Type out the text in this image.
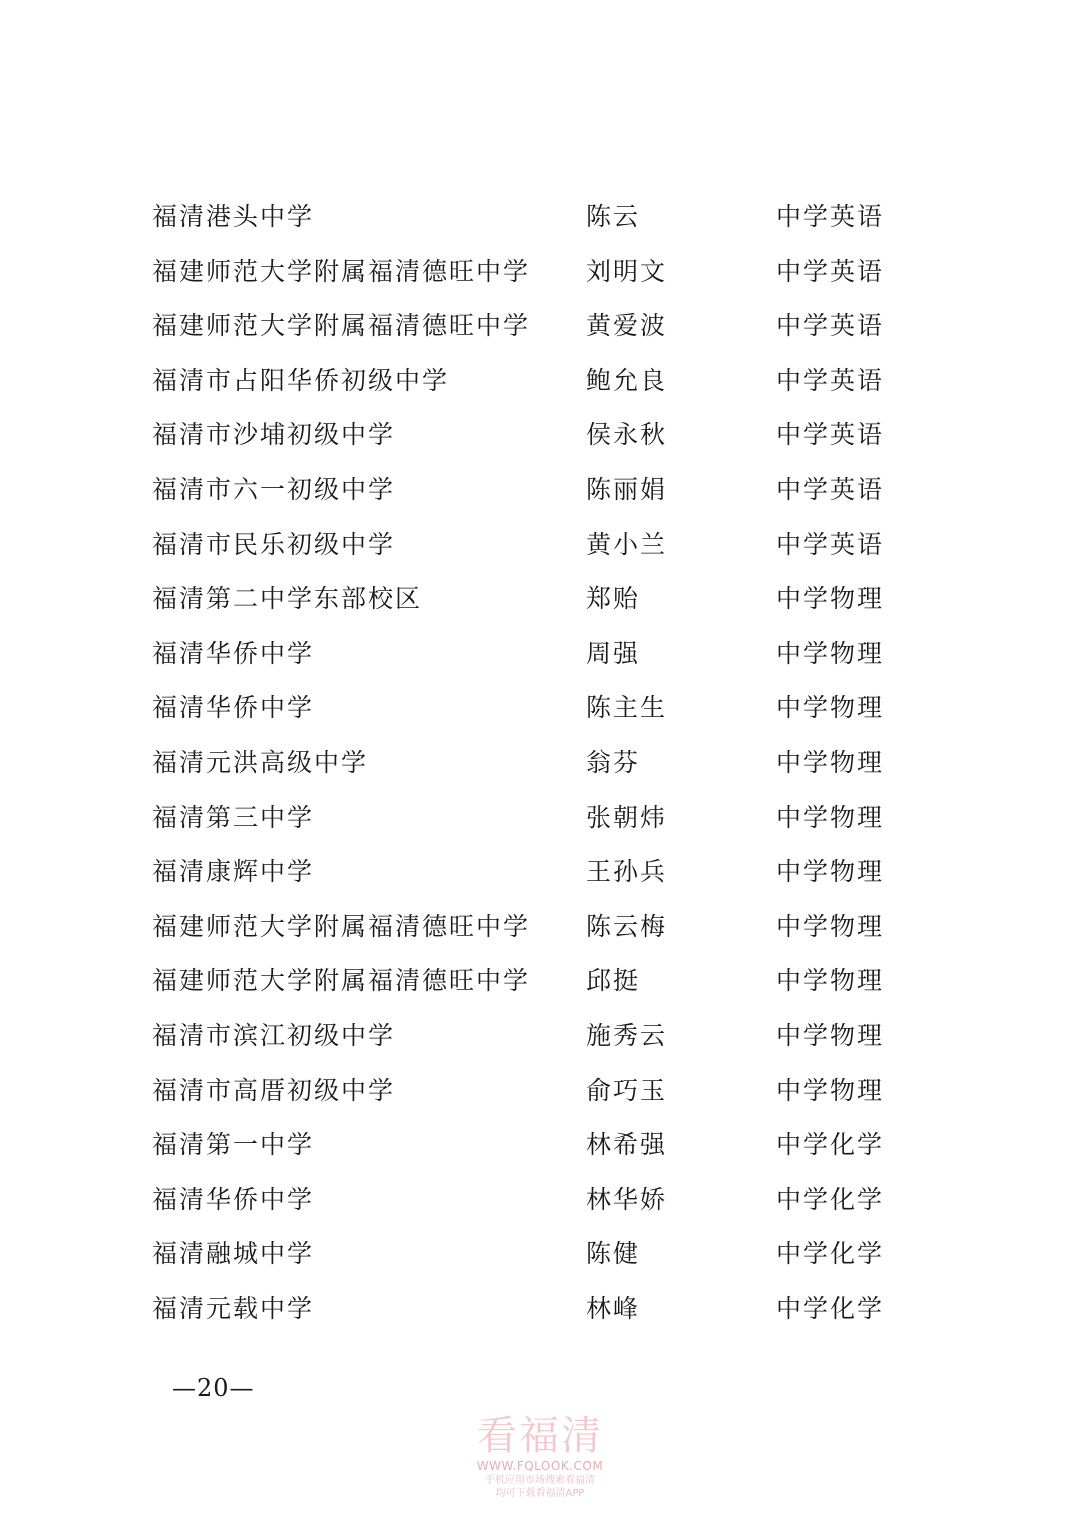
福清港头中学	陈云	中学英语
福建师范大学附属福清德旺中学 刘明文	中学英语
福建师范大学附属福清德旺中学 黄爱波	中学英语
福清市占阳华侨初级中学	鲍允良	中学英语
福清市沙埔初级中学	侯永秋	中学英语
福清市六一初级中学	陈丽娟	中学英语
福清市民乐初级中学	黄小兰	中学英语
福清第二中学东部校区	郑贻	中学物理
福清华侨中学	周强	中学物理
福清华侨中学	陈主生	中学物理
福清元洪高级中学	翁芬	中学物理
福清第三中学	张朝炜	中学物理
福清康辉中学	王孙兵	中学物理
福建师范大学附属福清德旺中学 陈云梅	中学物理
福建师范大学附属福清德旺中学 邱挺	中学物理
福清市滨江初级中学	施秀云	中学物理
福清市高厝初级中学	俞巧玉	中学物理
福清第一中学	林希强	中学化学
福清华侨中学	林华娇	中学化学
福清融城中学	陈健	中学化学
福清元载中学	林峰	中学化学
—20—
看福清
WWW.FQLOOK.COM
手机应用市场搜索看福清
均可下载看福清APP
